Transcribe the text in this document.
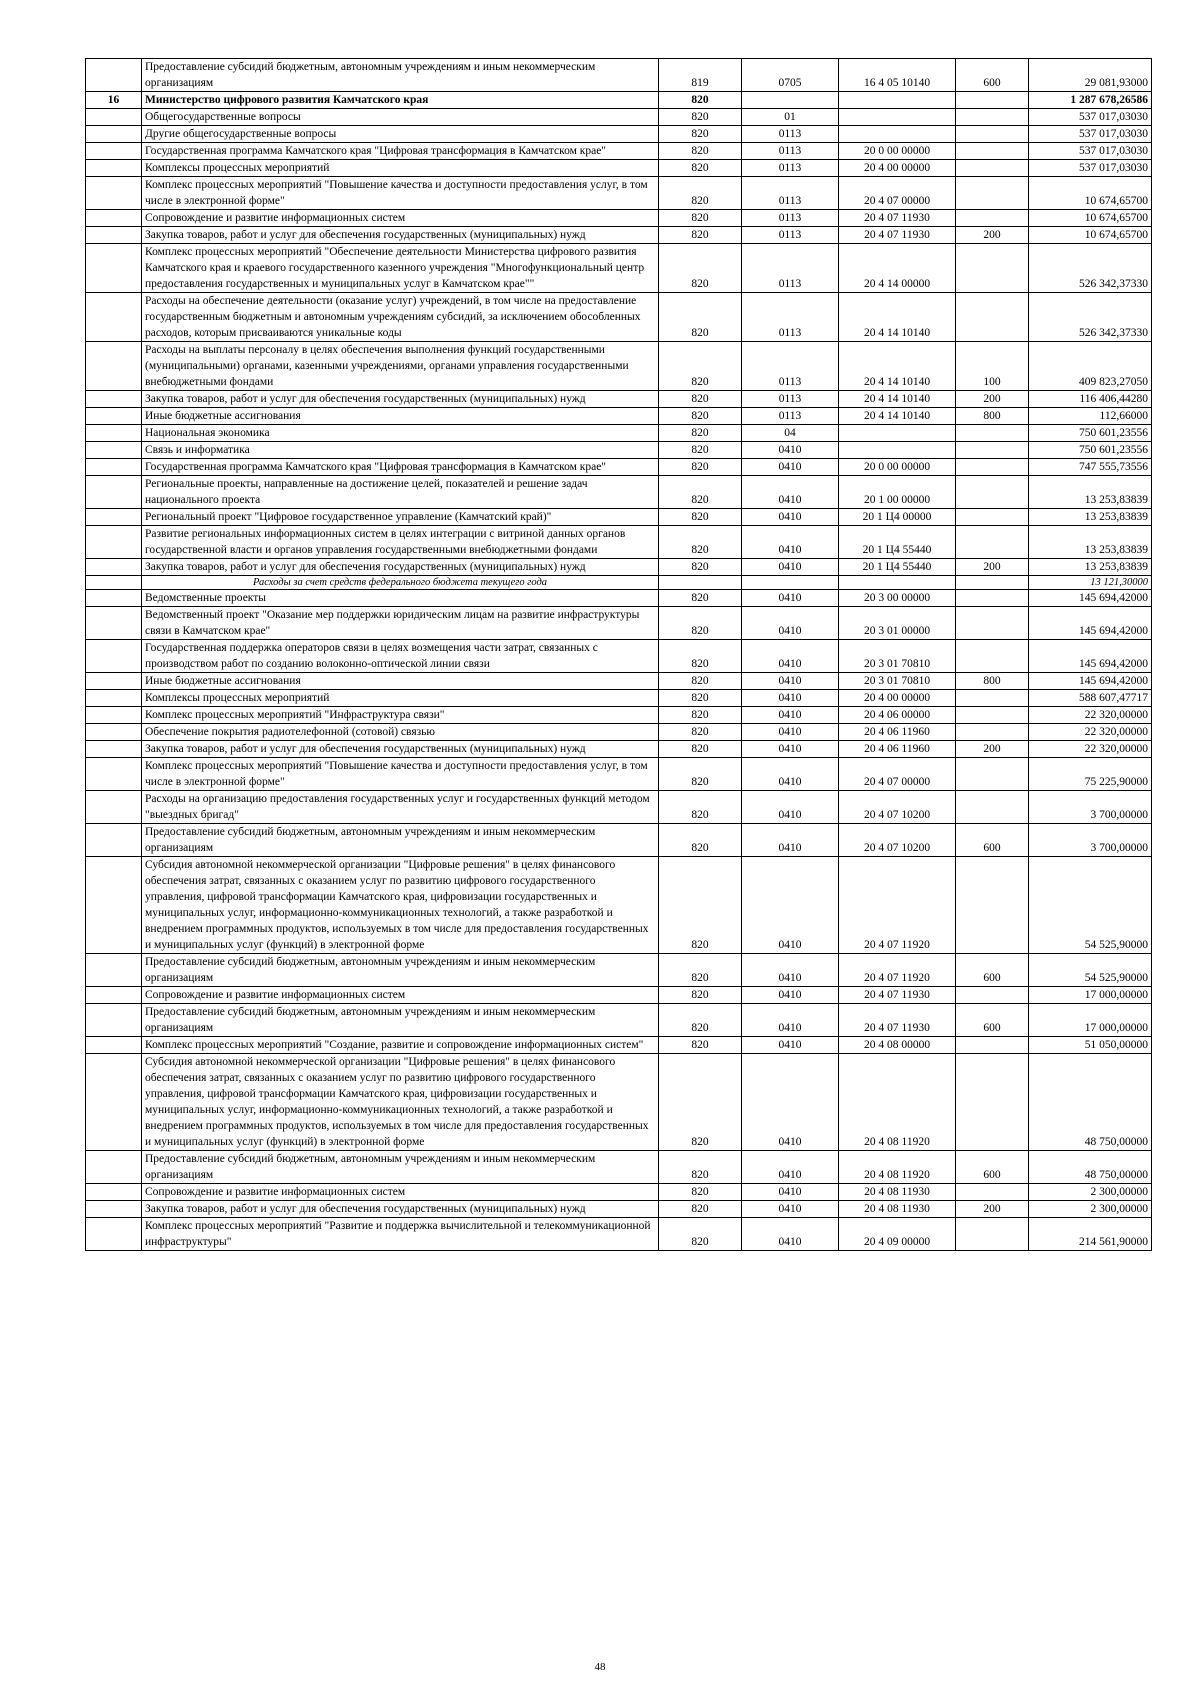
	Предоставление субсидий бюджетным, автономным учреждениям и иным некоммерческим организациям	819	0705	16 4 05 10140	600	29 081,93000
16	Министерство цифрового развития Камчатского края	820				1 287 678,26586
	Общегосударственные вопросы	820	01			537 017,03030
	Другие общегосударственные вопросы	820	0113			537 017,03030
	Государственная программа Камчатского края "Цифровая трансформация в Камчатском крае"	820	0113	20 0 00 00000		537 017,03030
	Комплексы процессных мероприятий	820	0113	20 4 00 00000		537 017,03030
	Комплекс процессных мероприятий "Повышение качества и доступности предоставления услуг, в том числе в электронной форме"	820	0113	20 4 07 00000		10 674,65700
	Сопровождение и развитие информационных систем	820	0113	20 4 07 11930		10 674,65700
	Закупка товаров, работ и услуг для обеспечения государственных (муниципальных) нужд	820	0113	20 4 07 11930	200	10 674,65700
	Комплекс процессных мероприятий "Обеспечение деятельности Министерства цифрового развития Камчатского края и краевого государственного казенного учреждения "Многофункциональный центр предоставления государственных и муниципальных услуг в Камчатском крае""	820	0113	20 4 14 00000		526 342,37330
	Расходы на обеспечение деятельности (оказание услуг) учреждений, в том числе на предоставление государственным бюджетным и автономным учреждениям субсидий, за исключением обособленных расходов, которым присваиваются уникальные коды	820	0113	20 4 14 10140		526 342,37330
	Расходы на выплаты персоналу в целях обеспечения выполнения функций государственными (муниципальными) органами, казенными учреждениями, органами управления государственными внебюджетными фондами	820	0113	20 4 14 10140	100	409 823,27050
	Закупка товаров, работ и услуг для обеспечения государственных (муниципальных) нужд	820	0113	20 4 14 10140	200	116 406,44280
	Иные бюджетные ассигнования	820	0113	20 4 14 10140	800	112,66000
	Национальная экономика	820	04			750 601,23556
	Связь и информатика	820	0410			750 601,23556
	Государственная программа Камчатского края "Цифровая трансформация в Камчатском крае"	820	0410	20 0 00 00000		747 555,73556
	Региональные проекты, направленные на достижение целей, показателей и решение задач национального проекта	820	0410	20 1 00 00000		13 253,83839
	Региональный проект "Цифровое государственное управление (Камчатский край)"	820	0410	20 1 Ц4 00000		13 253,83839
	Развитие региональных информационных систем в целях интеграции с витриной данных органов государственной власти и органов управления государственными внебюджетными фондами	820	0410	20 1 Ц4 55440		13 253,83839
	Закупка товаров, работ и услуг для обеспечения государственных (муниципальных) нужд	820	0410	20 1 Ц4 55440	200	13 253,83839
	Расходы за счет средств федерального бюджета текущего года					13 121,30000
	Ведомственные проекты	820	0410	20 3 00 00000		145 694,42000
	Ведомственный проект "Оказание мер поддержки юридическим лицам на развитие инфраструктуры связи в Камчатском крае"	820	0410	20 3 01 00000		145 694,42000
	Государственная поддержка операторов связи в целях возмещения части затрат, связанных с производством работ по созданию волоконно-оптической линии связи	820	0410	20 3 01 70810		145 694,42000
	Иные бюджетные ассигнования	820	0410	20 3 01 70810	800	145 694,42000
	Комплексы процессных мероприятий	820	0410	20 4 00 00000		588 607,47717
	Комплекс процессных мероприятий "Инфраструктура связи"	820	0410	20 4 06 00000		22 320,00000
	Обеспечение покрытия радиотелефонной (сотовой) связью	820	0410	20 4 06 11960		22 320,00000
	Закупка товаров, работ и услуг для обеспечения государственных (муниципальных) нужд	820	0410	20 4 06 11960	200	22 320,00000
	Комплекс процессных мероприятий "Повышение качества и доступности предоставления услуг, в том числе в электронной форме"	820	0410	20 4 07 00000		75 225,90000
	Расходы на организацию предоставления государственных услуг и государственных функций методом "выездных бригад"	820	0410	20 4 07 10200		3 700,00000
	Предоставление субсидий бюджетным, автономным учреждениям и иным некоммерческим организациям	820	0410	20 4 07 10200	600	3 700,00000
	Субсидия автономной некоммерческой организации "Цифровые решения" в целях финансового обеспечения затрат, связанных с оказанием услуг по развитию цифрового государственного управления, цифровой трансформации Камчатского края, цифровизации государственных и муниципальных услуг, информационно-коммуникационных технологий, а также разработкой и внедрением программных продуктов, используемых в том числе для предоставления государственных и муниципальных услуг (функций) в электронной форме	820	0410	20 4 07 11920		54 525,90000
	Предоставление субсидий бюджетным, автономным учреждениям и иным некоммерческим организациям	820	0410	20 4 07 11920	600	54 525,90000
	Сопровождение и развитие информационных систем	820	0410	20 4 07 11930		17 000,00000
	Предоставление субсидий бюджетным, автономным учреждениям и иным некоммерческим организациям	820	0410	20 4 07 11930	600	17 000,00000
	Комплекс процессных мероприятий "Создание, развитие и сопровождение информационных систем"	820	0410	20 4 08 00000		51 050,00000
	Субсидия автономной некоммерческой организации "Цифровые решения" в целях финансового обеспечения затрат, связанных с оказанием услуг по развитию цифрового государственного управления, цифровой трансформации Камчатского края, цифровизации государственных и муниципальных услуг, информационно-коммуникационных технологий, а также разработкой и внедрением программных продуктов, используемых в том числе для предоставления государственных и муниципальных услуг (функций) в электронной форме	820	0410	20 4 08 11920		48 750,00000
	Предоставление субсидий бюджетным, автономным учреждениям и иным некоммерческим организациям	820	0410	20 4 08 11920	600	48 750,00000
	Сопровождение и развитие информационных систем	820	0410	20 4 08 11930		2 300,00000
	Закупка товаров, работ и услуг для обеспечения государственных (муниципальных) нужд	820	0410	20 4 08 11930	200	2 300,00000
	Комплекс процессных мероприятий "Развитие и поддержка вычислительной и телекоммуникационной инфраструктуры"	820	0410	20 4 09 00000		214 561,90000
48
